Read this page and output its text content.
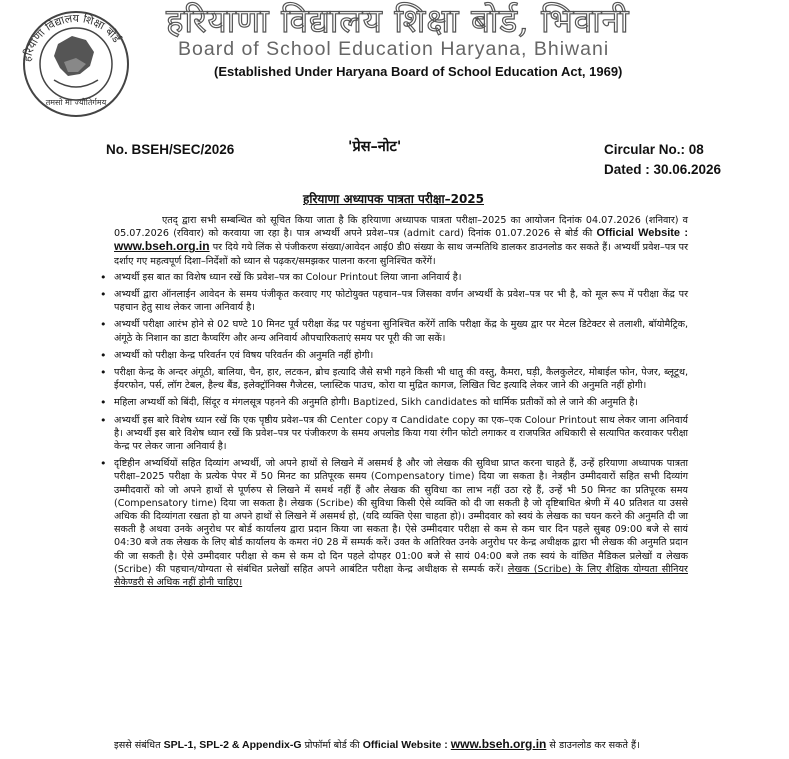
हरियाणा विद्यालय शिक्षा बोर्ड
तमसो मा ज्योतिर्गमय
हरियाणा विद्यालय शिक्षा बोर्ड, भिवानी
Board of School Education Haryana, Bhiwani
(Established Under Haryana Board of School Education Act, 1969)
No. BSEH/SEC/2026	'प्रेस–नोट'	Circular No.: 08
Dated : 30.06.2026
हरियाणा अध्यापक पात्रता परीक्षा–2025

एतद् द्वारा सभी सम्बन्धित को सूचित किया जाता है कि हरियाणा अध्यापक पात्रता परीक्षा–2025 का आयोजन दिनांक 04.07.2026 (शनिवार) व 05.07.2026 (रविवार) को करवाया जा रहा है। पात्र अभ्यर्थी अपने प्रवेश–पत्र (admit card) दिनांक 01.07.2026 से बोर्ड की Official Website : www.bseh.org.in पर दिये गये लिंक से पंजीकरण संख्या/आवेदन आई0 डी0 संख्या के साथ जन्मतिथि डालकर डाउनलोड कर सकते हैं। अभ्यर्थी प्रवेश–पत्र पर दर्शाए गए महत्वपूर्ण दिशा–निर्देशों को ध्यान से पढ़कर/समझकर पालना करना सुनिश्चित करेंगें।

• अभ्यर्थी इस बात का विशेष ध्यान रखें कि प्रवेश–पत्र का Colour Printout लिया जाना अनिवार्य है।
• अभ्यर्थी द्वारा ऑनलाईन आवेदन के समय पंजीकृत करवाए गए फोटोयुक्त पहचान–पत्र जिसका वर्णन अभ्यर्थी के प्रवेश–पत्र पर भी है, को मूल रूप में परीक्षा केंद्र पर पहचान हेतु साथ लेकर जाना अनिवार्य है।
• अभ्यर्थी परीक्षा आरंभ होने से 02 घण्टे 10 मिनट पूर्व परीक्षा केंद्र पर पहुंचना सुनिश्चित करेंगें ताकि परीक्षा केंद्र के मुख्य द्वार पर मेटल डिटेक्टर से तलाशी, बॉयोमैट्रिक, अंगूठे के निशान का डाटा कैप्चरिंग और अन्य अनिवार्य औपचारिकताएं समय पर पूरी की जा सकें।
• अभ्यर्थी को परीक्षा केन्द्र परिवर्तन एवं विषय परिवर्तन की अनुमति नहीं होगी।
• परीक्षा केन्द्र के अन्दर अंगूठी, बालिया, चैन, हार, लटकन, ब्रोच इत्यादि जैसे सभी गहने किसी भी धातु की वस्तु, कैमरा, घड़ी, कैलकुलेटर, मोबाईल फोन, पेजर, ब्लूटूथ, ईयरफोन, पर्स, लॉग टेबल, हैल्थ बैंड, इलेक्ट्रॉनिक्स गैजेटस, प्लास्टिक पाउच, कोरा या मुद्रित कागज, लिखित चिट इत्यादि लेकर जाने की अनुमति नहीं होगी।
• महिला अभ्यर्थी को बिंदी, सिंदूर व मंगलसूत्र पहनने की अनुमति होगी। Baptized, Sikh candidates को धार्मिक प्रतीकों को ले जाने की अनुमति है।
• अभ्यर्थी इस बारे विशेष ध्यान रखें कि एक पृष्ठीय प्रवेश–पत्र की Center copy व Candidate copy का एक–एक Colour Printout साथ लेकर जाना अनिवार्य है। अभ्यर्थी इस बारे विशेष ध्यान रखें कि प्रवेश–पत्र पर पंजीकरण के समय अपलोड किया गया रंगीन फोटो लगाकर व राजपत्रित अधिकारी से सत्यापित करवाकर परीक्षा केन्द्र पर लेकर जाना अनिवार्य है।
• दृष्टिहीन अभ्यर्थियों सहित दिव्यांग अभ्यर्थी, जो अपने हाथों से लिखने में असमर्थ है और जो लेखक की सुविधा प्राप्त करना चाहते हैं, उन्हें हरियाणा अध्यापक पात्रता परीक्षा–2025 परीक्षा के प्रत्येक पेपर में 50 मिनट का प्रतिपूरक समय (Compensatory time) दिया जा सकता है। नेत्रहीन उम्मीदवारों सहित सभी दिव्यांग उम्मीदवारों को जो अपने हाथों से पूर्णरुप से लिखने में समर्थ नहीं हैं और लेखक की सुविधा का लाभ नहीं उठा रहे हैं, उन्हें भी 50 मिनट का प्रतिपूरक समय (Compensatory time) दिया जा सकता है। लेखक (Scribe) की सुविधा किसी ऐसे व्यक्ति को दी जा सकती है जो दृष्टिबाधित श्रेणी में 40 प्रतिशत या उससे अधिक की दिव्यांगता रखता हो या अपने हाथों से लिखने में असमर्थ हो, (यदि व्यक्ति ऐसा चाहता हो)। उम्मीदवार को स्वयं के लेखक का चयन करने की अनुमति दी जा सकती है अथवा उनके अनुरोध पर बोर्ड कार्यालय द्वारा प्रदान किया जा सकता है। ऐसे उम्मीदवार परीक्षा से कम से कम चार दिन पहले सुबह 09:00 बजे से सायं 04:30 बजे तक लेखक के लिए बोर्ड कार्यालय के कमरा नं0 28 में सम्पर्क करें। उक्त के अतिरिक्त उनके अनुरोध पर केन्द्र अधीक्षक द्वारा भी लेखक की अनुमति प्रदान की जा सकती है। ऐसे उम्मीदवार परीक्षा से कम से कम दो दिन पहले दोपहर 01:00 बजे से सायं 04:00 बजे तक स्वयं के वांछित मैडिकल प्रलेखों व लेखक (Scribe) की पहचान/योग्यता से संबंधित प्रलेखों सहित अपने आबंटित परीक्षा केन्द्र अधीक्षक से सम्पर्क करें। लेखक (Scribe) के लिए शैक्षिक योग्यता सीनियर सैकेण्डरी से अधिक नहीं होनी चाहिए।
इससे संबंधित SPL-1, SPL-2 & Appendix-G प्रोफॉर्मा बोर्ड की Official Website : www.bseh.org.in से डाउनलोड कर सकते हैं।
